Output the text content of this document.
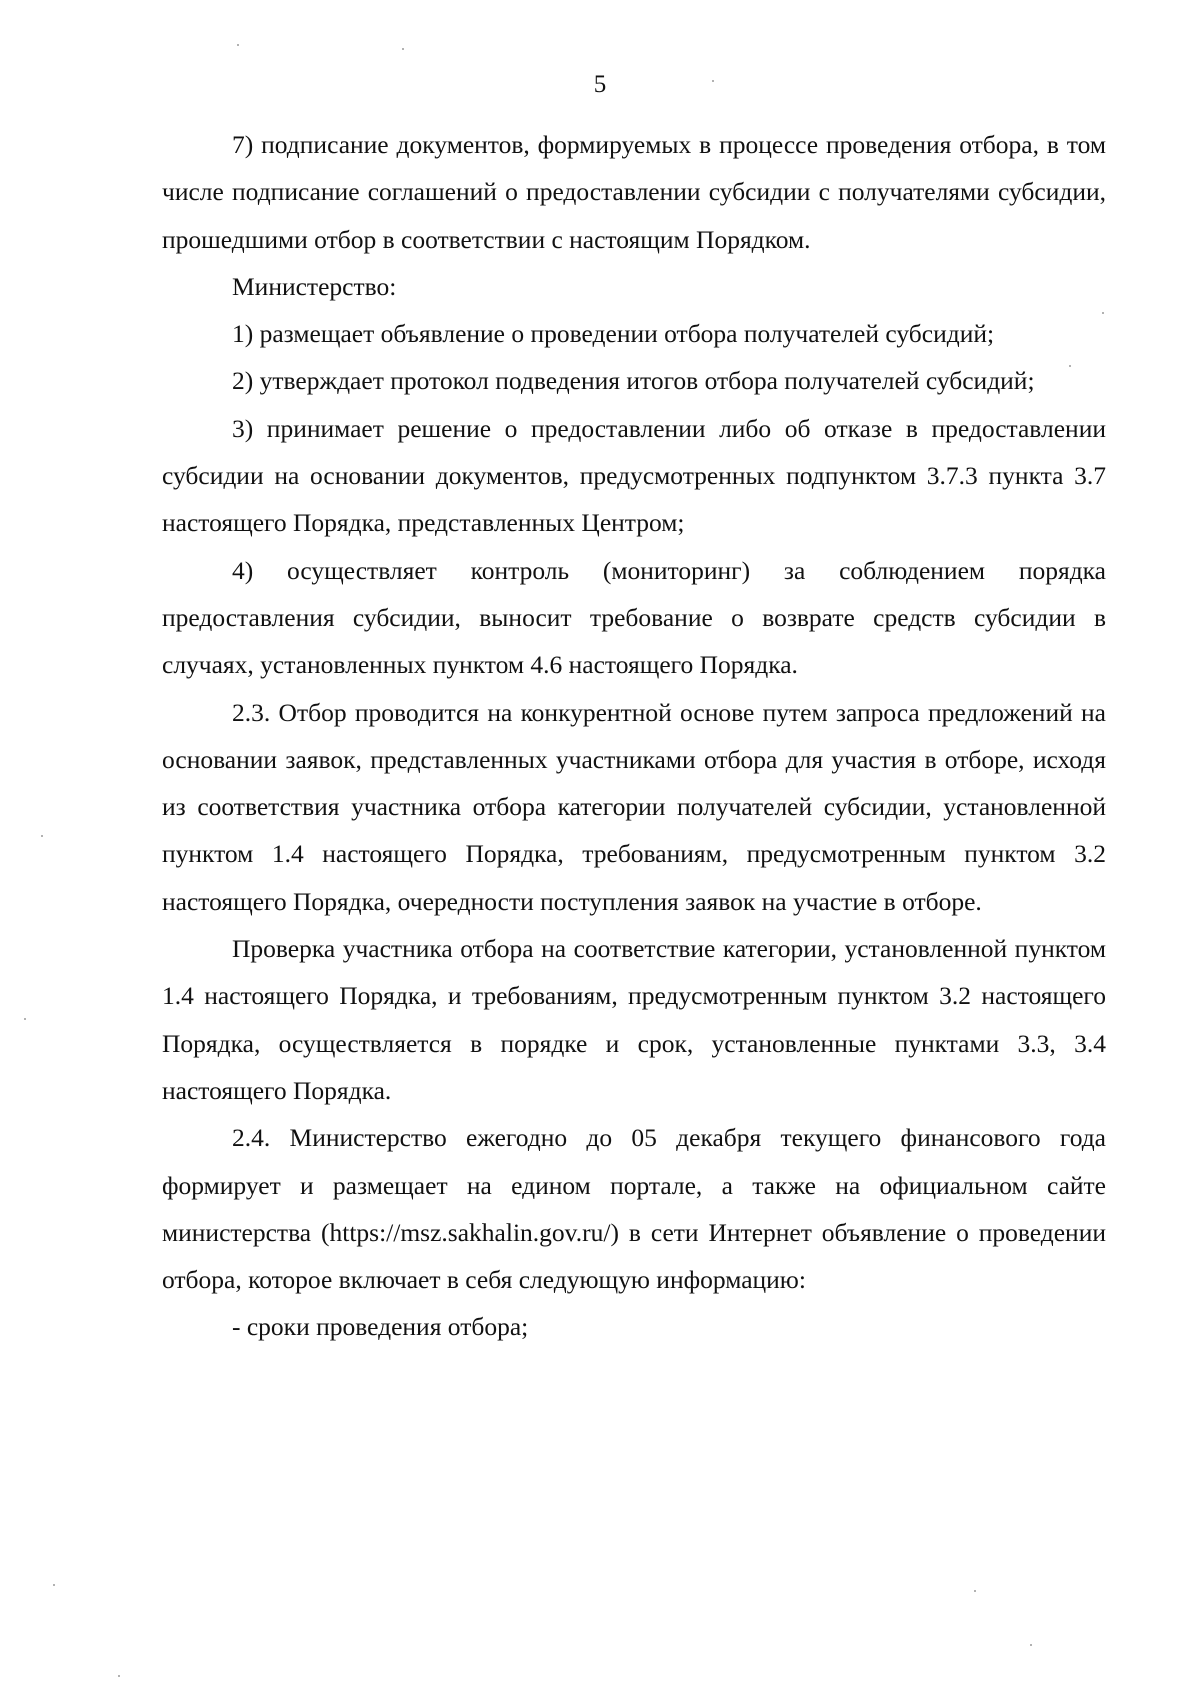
5

7) подписание документов, формируемых в процессе проведения отбора, в том числе подписание соглашений о предоставлении субсидии с получателями субсидии, прошедшими отбор в соответствии с настоящим Порядком.

Министерство:

1) размещает объявление о проведении отбора получателей субсидий;

2) утверждает протокол подведения итогов отбора получателей субсидий;

3) принимает решение о предоставлении либо об отказе в предоставлении субсидии на основании документов, предусмотренных подпунктом 3.7.3 пункта 3.7 настоящего Порядка, представленных Центром;

4) осуществляет контроль (мониторинг) за соблюдением порядка предоставления субсидии, выносит требование о возврате средств субсидии в случаях, установленных пунктом 4.6 настоящего Порядка.

2.3. Отбор проводится на конкурентной основе путем запроса предложений на основании заявок, представленных участниками отбора для участия в отборе, исходя из соответствия участника отбора категории получателей субсидии, установленной пунктом 1.4 настоящего Порядка, требованиям, предусмотренным пунктом 3.2 настоящего Порядка, очередности поступления заявок на участие в отборе.

Проверка участника отбора на соответствие категории, установленной пунктом 1.4 настоящего Порядка, и требованиям, предусмотренным пунктом 3.2 настоящего Порядка, осуществляется в порядке и срок, установленные пунктами 3.3, 3.4 настоящего Порядка.

2.4. Министерство ежегодно до 05 декабря текущего финансового года формирует и размещает на едином портале, а также на официальном сайте министерства (https://msz.sakhalin.gov.ru/) в сети Интернет объявление о проведении отбора, которое включает в себя следующую информацию:

- сроки проведения отбора;
